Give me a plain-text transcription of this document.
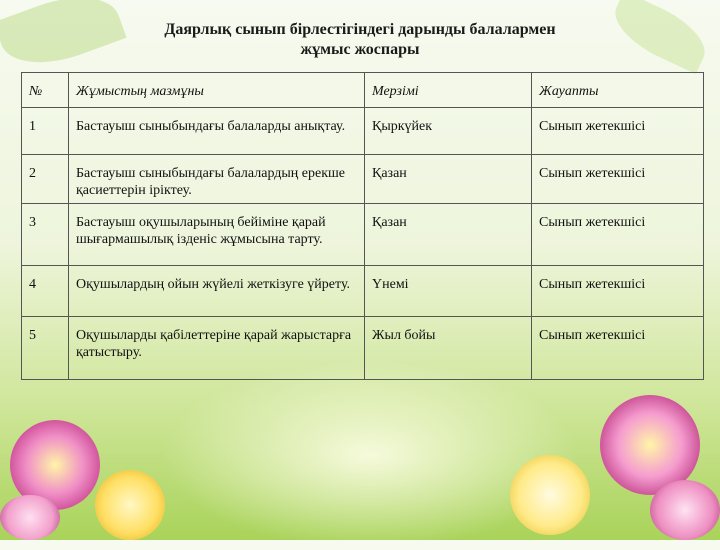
Даярлық сынып бірлестігіндегі дарынды балалармен
жұмыс жоспары
№	Жұмыстың мазмұны	Мерзімі	Жауапты
1	Бастауыш сыныбындағы балаларды анықтау.	Қыркүйек	Сынып жетекшісі
2	Бастауыш сыныбындағы балалардың ерекше қасиеттерін іріктеу.	Қазан	Сынып жетекшісі
3	Бастауыш оқушыларының бейіміне қарай шығармашылық ізденіс жұмысына тарту.	Қазан	Сынып жетекшісі
4	Оқушылардың ойын жүйелі жеткізуге үйрету.	Үнемі	Сынып жетекшісі
5	Оқушыларды қабілеттеріне қарай жарыстарға қатыстыру.	Жыл бойы	Сынып жетекшісі
